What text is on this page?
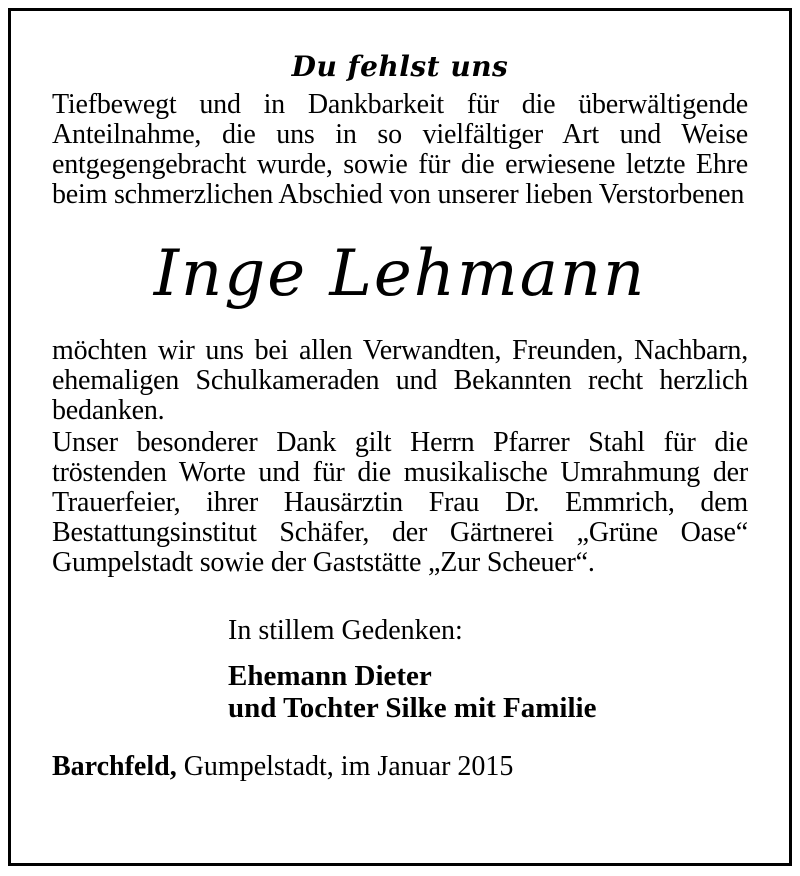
Du fehlst uns

Tiefbewegt und in Dankbarkeit für die überwältigende Anteilnahme, die uns in so vielfältiger Art und Weise entgegengebracht wurde, sowie für die erwiesene letzte Ehre beim schmerzlichen Abschied von unserer lieben Verstorbenen

Inge Lehmann

möchten wir uns bei allen Verwandten, Freunden, Nachbarn, ehemaligen Schulkameraden und Bekannten recht herzlich bedanken.

Unser besonderer Dank gilt Herrn Pfarrer Stahl für die tröstenden Worte und für die musikalische Umrahmung der Trauerfeier, ihrer Hausärztin Frau Dr. Emmrich, dem Bestattungsinstitut Schäfer, der Gärtnerei „Grüne Oase“ Gumpelstadt sowie der Gaststätte „Zur Scheuer“.

In stillem Gedenken:

Ehemann Dieter

und Tochter Silke mit Familie

Barchfeld, Gumpelstadt, im Januar 2015
